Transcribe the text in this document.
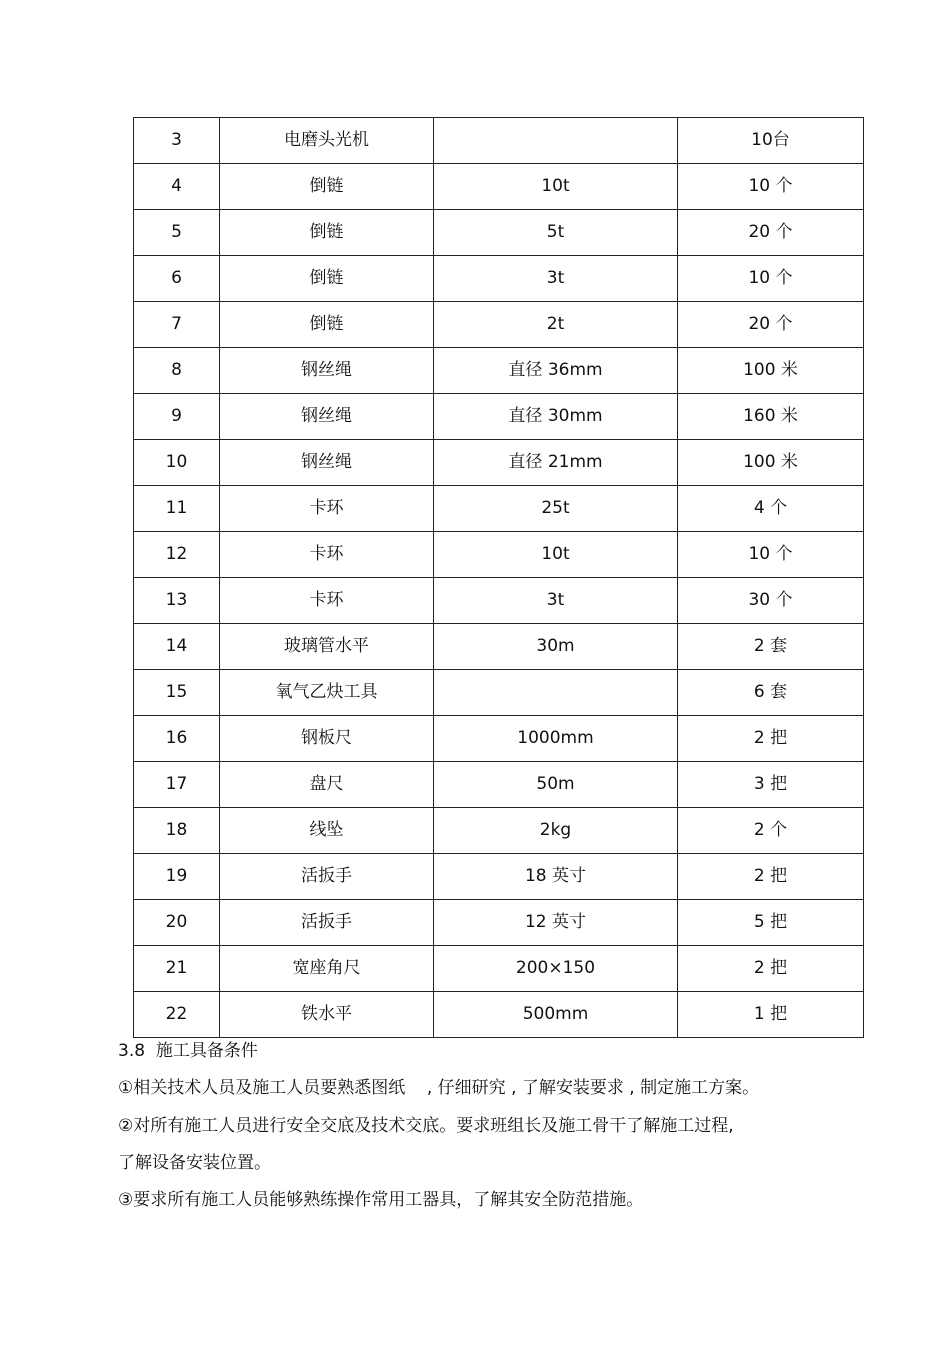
3	电磨头光机		10台
4	倒链	10t	10 个
5	倒链	5t	20 个
6	倒链	3t	10 个
7	倒链	2t	20 个
8	钢丝绳	直径 36mm	100 米
9	钢丝绳	直径 30mm	160 米
10	钢丝绳	直径 21mm	100 米
11	卡环	25t	4 个
12	卡环	10t	10 个
13	卡环	3t	30 个
14	玻璃管水平	30m	2 套
15	氧气乙炔工具		6 套
16	钢板尺	1000mm	2 把
17	盘尺	50m	3 把
18	线坠	2kg	2 个
19	活扳手	18 英寸	2 把
20	活扳手	12 英寸	5 把
21	宽座角尺	200×150	2 把
22	铁水平	500mm	1 把
3.8  施工具备条件
①相关技术人员及施工人员要熟悉图纸    , 仔细研究 , 了解安装要求 , 制定施工方案。
②对所有施工人员进行安全交底及技术交底。要求班组长及施工骨干了解施工过程,
了解设备安装位置。
③要求所有施工人员能够熟练操作常用工器具，了解其安全防范措施。
